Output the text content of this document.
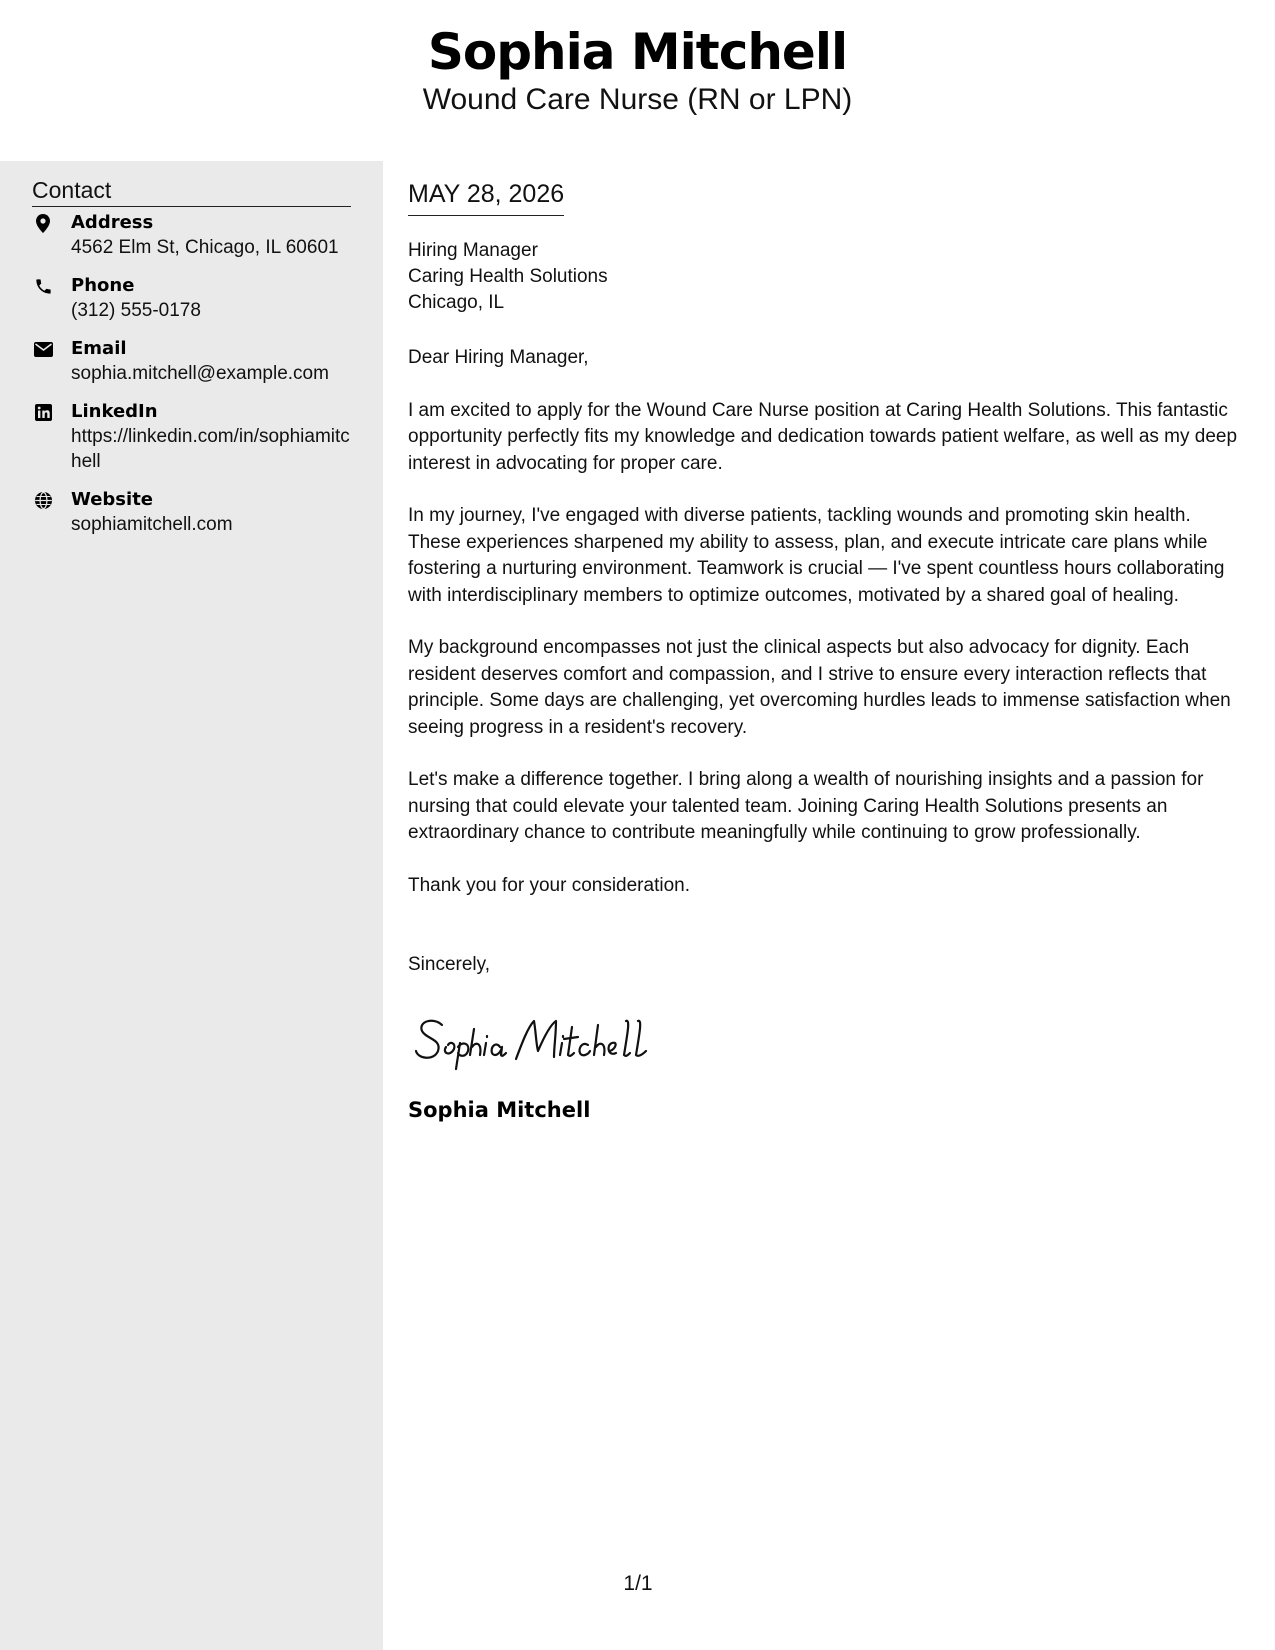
Sophia Mitchell
Wound Care Nurse (RN or LPN)
Contact
Address
4562 Elm St, Chicago, IL 60601
Phone
(312) 555-0178
Email
sophia.mitchell@example.com
LinkedIn
https://linkedin.com/in/sophiamitchell
Website
sophiamitchell.com
MAY 28, 2026
Hiring Manager
Caring Health Solutions
Chicago, IL

Dear Hiring Manager,

I am excited to apply for the Wound Care Nurse position at Caring Health Solutions. This fantastic opportunity perfectly fits my knowledge and dedication towards patient welfare, as well as my deep interest in advocating for proper care.

In my journey, I've engaged with diverse patients, tackling wounds and promoting skin health. These experiences sharpened my ability to assess, plan, and execute intricate care plans while fostering a nurturing environment. Teamwork is crucial — I've spent countless hours collaborating with interdisciplinary members to optimize outcomes, motivated by a shared goal of healing.

My background encompasses not just the clinical aspects but also advocacy for dignity. Each resident deserves comfort and compassion, and I strive to ensure every interaction reflects that principle. Some days are challenging, yet overcoming hurdles leads to immense satisfaction when seeing progress in a resident's recovery.

Let's make a difference together. I bring along a wealth of nourishing insights and a passion for nursing that could elevate your talented team. Joining Caring Health Solutions presents an extraordinary chance to contribute meaningfully while continuing to grow professionally.

Thank you for your consideration.

Sincerely,
Sophia Mitchell
1/1
